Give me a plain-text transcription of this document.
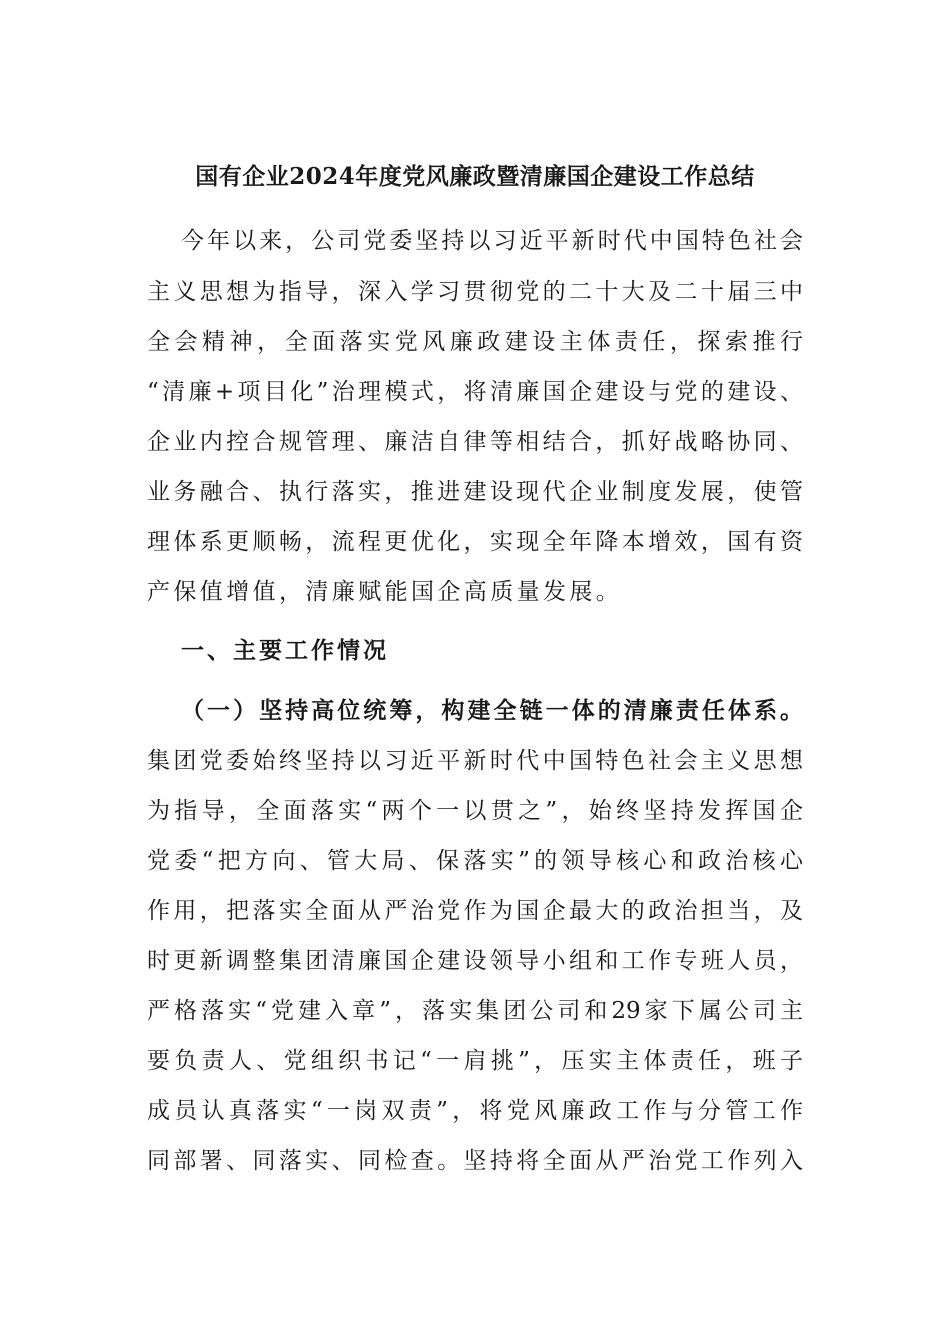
国有企业2024年度党风廉政暨清廉国企建设工作总结
今年以来，公司党委坚持以习近平新时代中国特色社会
主义思想为指导，深入学习贯彻党的二十大及二十届三中
全会精神，全面落实党风廉政建设主体责任，探索推行
“清廉+项目化”治理模式，将清廉国企建设与党的建设、
企业内控合规管理、廉洁自律等相结合，抓好战略协同、
业务融合、执行落实，推进建设现代企业制度发展，使管
理体系更顺畅，流程更优化，实现全年降本增效，国有资
产保值增值，清廉赋能国企高质量发展。
一、主要工作情况
（一）坚持高位统筹，构建全链一体的清廉责任体系。
集团党委始终坚持以习近平新时代中国特色社会主义思想
为指导，全面落实“两个一以贯之”，始终坚持发挥国企
党委“把方向、管大局、保落实”的领导核心和政治核心
作用，把落实全面从严治党作为国企最大的政治担当，及
时更新调整集团清廉国企建设领导小组和工作专班人员，
严格落实“党建入章”，落实集团公司和29家下属公司主
要负责人、党组织书记“一肩挑”，压实主体责任，班子
成员认真落实“一岗双责”，将党风廉政工作与分管工作
同部署、同落实、同检查。坚持将全面从严治党工作列入
